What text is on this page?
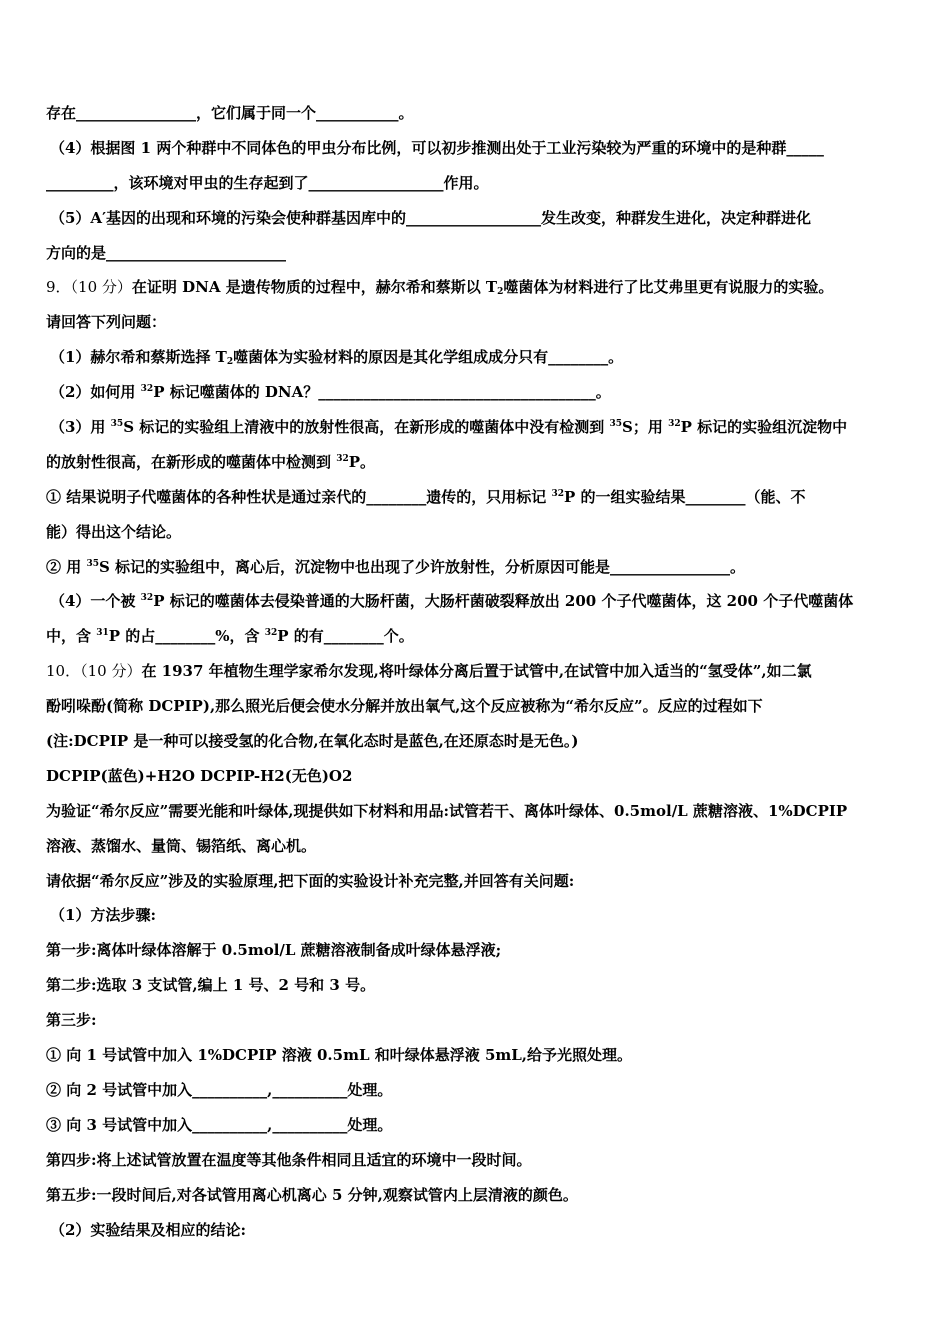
存在________________，它们属于同一个___________。
（4）根据图 1 两个种群中不同体色的甲虫分布比例，可以初步推测出处于工业污染较为严重的环境中的是种群_____
_________，该环境对甲虫的生存起到了__________________作用。
（5）A′基因的出现和环境的污染会使种群基因库中的__________________发生改变，种群发生进化，决定种群进化
方向的是________________________
9．（10 分）在证明 DNA 是遗传物质的过程中，赫尔希和蔡斯以 $T_2$噬菌体为材料进行了比艾弗里更有说服力的实验。
请回答下列问题：
（1）赫尔希和蔡斯选择 $T_2$噬菌体为实验材料的原因是其化学组成成分只有________。
（2）如何用 $^{32}$P 标记噬菌体的 DNA？_____________________________________。
（3）用 $^{35}$S 标记的实验组上清液中的放射性很高，在新形成的噬菌体中没有检测到 $^{35}$S；用 $^{32}$P 标记的实验组沉淀物中
的放射性很高，在新形成的噬菌体中检测到 $^{32}$P。
① 结果说明子代噬菌体的各种性状是通过亲代的________遗传的，只用标记 $^{32}$P 的一组实验结果________（能、不
能）得出这个结论。
② 用 $^{35}$S 标记的实验组中，离心后，沉淀物中也出现了少许放射性，分析原因可能是________________。
（4）一个被 $^{32}$P 标记的噬菌体去侵染普通的大肠杆菌，大肠杆菌破裂释放出 200 个子代噬菌体，这 200 个子代噬菌体
中，含 $^{31}$P 的占________%，含 $^{32}$P 的有________个。
10．（10 分）在 1937 年植物生理学家希尔发现,将叶绿体分离后置于试管中,在试管中加入适当的“氢受体”,如二氯
酚吲哚酚(简称 DCPIP),那么照光后便会使水分解并放出氧气,这个反应被称为“希尔反应”。反应的过程如下
(注:DCPIP 是一种可以接受氢的化合物,在氧化态时是蓝色,在还原态时是无色。)
DCPIP(蓝色)+H2O DCPIP-H2(无色)O2
为验证“希尔反应”需要光能和叶绿体,现提供如下材料和用品:试管若干、离体叶绿体、0.5mol/L 蔗糖溶液、1%DCPIP
溶液、蒸馏水、量筒、锡箔纸、离心机。
请依据“希尔反应”涉及的实验原理,把下面的实验设计补充完整,并回答有关问题:
（1）方法步骤:
第一步:离体叶绿体溶解于 0.5mol/L 蔗糖溶液制备成叶绿体悬浮液;
第二步:选取 3 支试管,编上 1 号、2 号和 3 号。
第三步:
① 向 1 号试管中加入 1%DCPIP 溶液 0.5mL 和叶绿体悬浮液 5mL,给予光照处理。
② 向 2 号试管中加入__________,__________处理。
③ 向 3 号试管中加入__________,__________处理。
第四步:将上述试管放置在温度等其他条件相同且适宜的环境中一段时间。
第五步:一段时间后,对各试管用离心机离心 5 分钟,观察试管内上层清液的颜色。
（2）实验结果及相应的结论:
